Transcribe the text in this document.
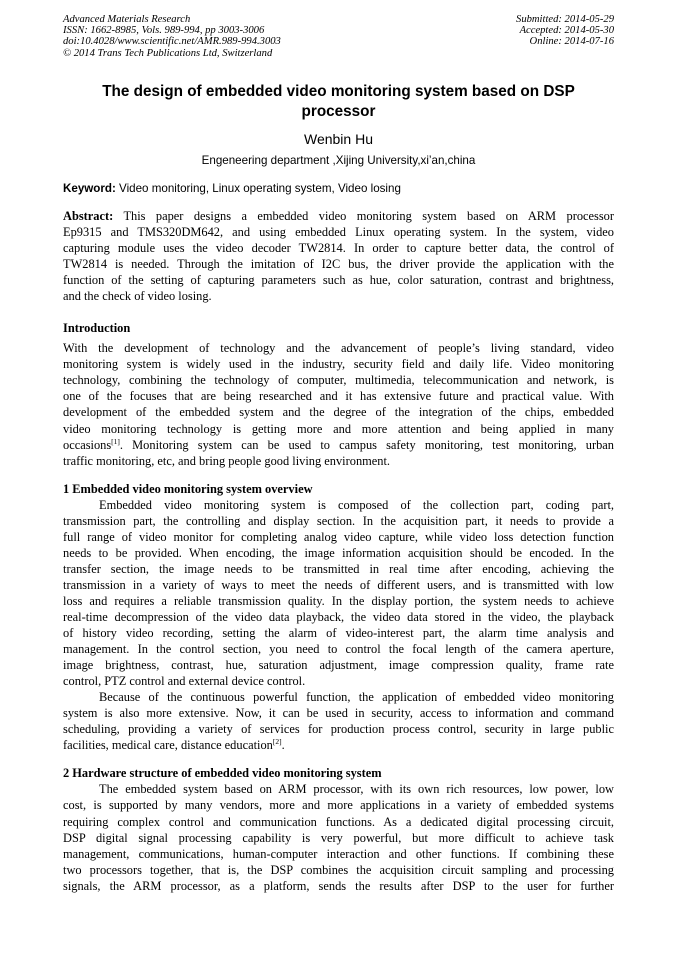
Advanced Materials Research
ISSN: 1662-8985, Vols. 989-994, pp 3003-3006
doi:10.4028/www.scientific.net/AMR.989-994.3003
© 2014 Trans Tech Publications Ltd, Switzerland
Submitted: 2014-05-29
Accepted: 2014-05-30
Online: 2014-07-16
The design of embedded video monitoring system based on DSP
processor
Wenbin Hu
Engeneering department ,Xijing University,xi’an,china
Keyword: Video monitoring, Linux operating system, Video losing
Abstract: This paper designs a embedded video monitoring system based on ARM processor
Ep9315 and TMS320DM642, and using embedded Linux operating system. In the system, video
capturing module uses the video decoder TW2814. In order to capture better data, the control of
TW2814 is needed. Through the imitation of I2C bus, the driver provide the application with the
function of the setting of capturing parameters such as hue, color saturation, contrast and brightness,
and the check of video losing.
Introduction
With the development of technology and the advancement of people’s living standard, video
monitoring system is widely used in the industry, security field and daily life. Video monitoring
technology, combining the technology of computer, multimedia, telecommunication and network, is
one of the focuses that are being researched and it has extensive future and practical value. With
development of the embedded system and the degree of the integration of the chips, embedded
video monitoring technology is getting more and more attention and being applied in many
occasions[1]. Monitoring system can be used to campus safety monitoring, test monitoring, urban
traffic monitoring, etc, and bring people good living environment.
1 Embedded video monitoring system overview
Embedded video monitoring system is composed of the collection part, coding part,
transmission part, the controlling and display section. In the acquisition part, it needs to provide a
full range of video monitor for completing analog video capture, while video loss detection function
needs to be provided. When encoding, the image information acquisition should be encoded. In the
transfer section, the image needs to be transmitted in real time after encoding, achieving the
transmission in a variety of ways to meet the needs of different users, and is transmitted with low
loss and requires a reliable transmission quality. In the display portion, the system needs to achieve
real-time decompression of the video data playback, the video data stored in the video, the playback
of history video recording, setting the alarm of video-interest part, the alarm time analysis and
management. In the control section, you need to control the focal length of the camera aperture,
image brightness, contrast, hue, saturation adjustment, image compression quality, frame rate
control, PTZ control and external device control.
Because of the continuous powerful function, the application of embedded video monitoring
system is also more extensive. Now, it can be used in security, access to information and command
scheduling, providing a variety of services for production process control, security in large public
facilities, medical care, distance education[2].
2 Hardware structure of embedded video monitoring system
The embedded system based on ARM processor, with its own rich resources, low power, low
cost, is supported by many vendors, more and more applications in a variety of embedded systems
requiring complex control and communication functions. As a dedicated digital processing circuit,
DSP digital signal processing capability is very powerful, but more difficult to achieve task
management, communications, human-computer interaction and other functions. If combining these
two processors together, that is, the DSP combines the acquisition circuit sampling and processing
signals, the ARM processor, as a platform, sends the results after DSP to the user for further
